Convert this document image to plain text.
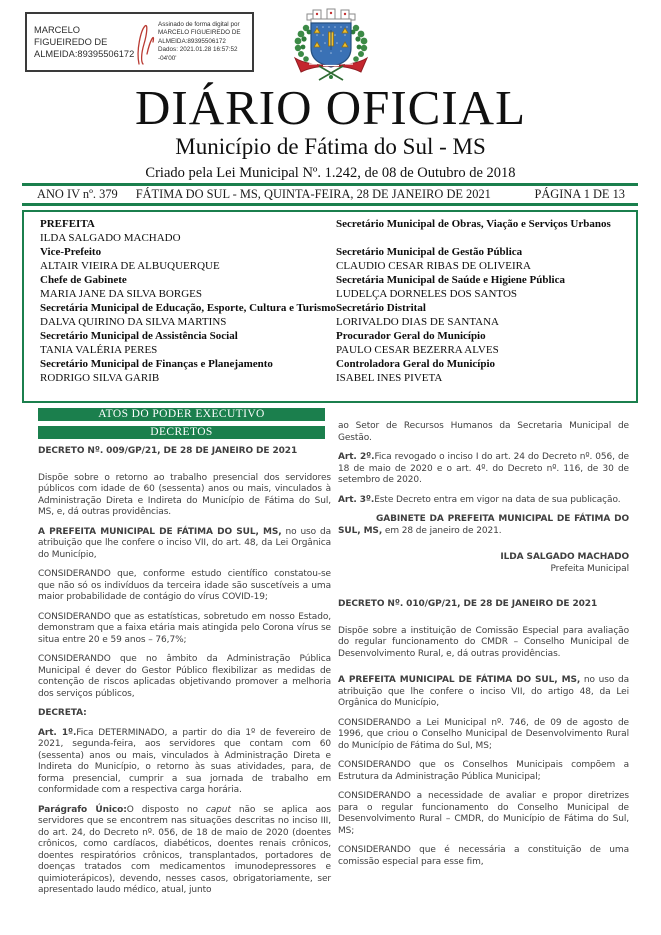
MARCELO FIGUEIREDO DE
ALMEIDA:89395506172
Assinado de forma digital por
MARCELO FIGUEIREDO DE
ALMEIDA:89395506172
Dados: 2021.01.28 16:57:52 -04'00'
DIÁRIO OFICIAL
Município de Fátima do Sul - MS
Criado pela Lei Municipal Nº. 1.242, de 08 de Outubro de 2018
ANO IV nº. 379 FÁTIMA DO SUL - MS, QUINTA-FEIRA, 28 DE JANEIRO DE 2021	PÁGINA 1 DE 13
PREFEITA
ILDA SALGADO MACHADO
Vice-Prefeito
ALTAIR VIEIRA DE ALBUQUERQUE
Chefe de Gabinete
MARIA JANE DA SILVA BORGES
Secretária Municipal de Educação, Esporte, Cultura e Turismo
DALVA QUIRINO DA SILVA MARTINS
Secretário Municipal de Assistência Social
TANIA VALÉRIA PERES
Secretário Municipal de Finanças e Planejamento
RODRIGO SILVA GARIB
Secretário Municipal de Obras, Viação e Serviços Urbanos

Secretário Municipal de Gestão Pública
CLAUDIO CESAR RIBAS DE OLIVEIRA
Secretária Municipal de Saúde e Higiene Pública
LUDELÇA DORNELES DOS SANTOS
Secretário Distrital
LORIVALDO DIAS DE SANTANA
Procurador Geral do Município
PAULO CESAR BEZERRA ALVES
Controladora Geral do Município
ISABEL INES PIVETA
ATOS DO PODER EXECUTIVO
DECRETOS

DECRETO Nº. 009/GP/21, DE 28 DE JANEIRO DE 2021

Dispõe sobre o retorno ao trabalho presencial dos servidores públicos com idade de 60 (sessenta) anos ou mais, vinculados à Administração Direta e Indireta do Município de Fátima do Sul, MS, e, dá outras providências.

A PREFEITA MUNICIPAL DE FÁTIMA DO SUL, MS, no uso da atribuição que lhe confere o inciso VII, do art. 48, da Lei Orgânica do Município,

CONSIDERANDO que, conforme estudo científico constatou-se que não só os indivíduos da terceira idade são suscetíveis a uma maior probabilidade de contágio do vírus COVID-19;

CONSIDERANDO que as estatísticas, sobretudo em nosso Estado, demonstram que a faixa etária mais atingida pelo Corona vírus se situa entre 20 e 59 anos – 76,7%;

CONSIDERANDO que no âmbito da Administração Pública Municipal é dever do Gestor Público flexibilizar as medidas de contenção de riscos aplicadas objetivando promover a melhoria dos serviços públicos,

DECRETA:

Art. 1º.Fica DETERMINADO, a partir do dia 1º de fevereiro de 2021, segunda-feira, aos servidores que contam com 60 (sessenta) anos ou mais, vinculados à Administração Direta e Indireta do Município, o retorno às suas atividades, para, de forma presencial, cumprir a sua jornada de trabalho em conformidade com a respectiva carga horária.

Parágrafo Único:O disposto no caput não se aplica aos servidores que se encontrem nas situações descritas no inciso III, do art. 24, do Decreto nº. 056, de 18 de maio de 2020 (doentes crônicos, como cardíacos, diabéticos, doentes renais crônicos, doentes respiratórios crônicos, transplantados, portadores de doenças tratados com medicamentos imunodepressores e quimioterápicos), devendo, nesses casos, obrigatoriamente, ser apresentado laudo médico, atual, junto

ao Setor de Recursos Humanos da Secretaria Municipal de Gestão.

Art. 2º.Fica revogado o inciso I do art. 24 do Decreto nº. 056, de 18 de maio de 2020 e o art. 4º. do Decreto nº. 116, de 30 de setembro de 2020.

Art. 3º.Este Decreto entra em vigor na data de sua publicação.

GABINETE DA PREFEITA MUNICIPAL DE FÁTIMA DO SUL, MS, em 28 de janeiro de 2021.

ILDA SALGADO MACHADO

Prefeita Municipal

DECRETO Nº. 010/GP/21, DE 28 DE JANEIRO DE 2021

Dispõe sobre a instituição de Comissão Especial para avaliação do regular funcionamento do CMDR – Conselho Municipal de Desenvolvimento Rural, e, dá outras providências.

A PREFEITA MUNICIPAL DE FÁTIMA DO SUL, MS, no uso da atribuição que lhe confere o inciso VII, do artigo 48, da Lei Orgânica do Município,

CONSIDERANDO a Lei Municipal nº. 746, de 09 de agosto de 1996, que criou o Conselho Municipal de Desenvolvimento Rural do Município de Fátima do Sul, MS;

CONSIDERANDO que os Conselhos Municipais compõem a Estrutura da Administração Pública Municipal;

CONSIDERANDO a necessidade de avaliar e propor diretrizes para o regular funcionamento do Conselho Municipal de Desenvolvimento Rural – CMDR, do Município de Fátima do Sul, MS;

CONSIDERANDO que é necessária a constituição de uma comissão especial para esse fim,
